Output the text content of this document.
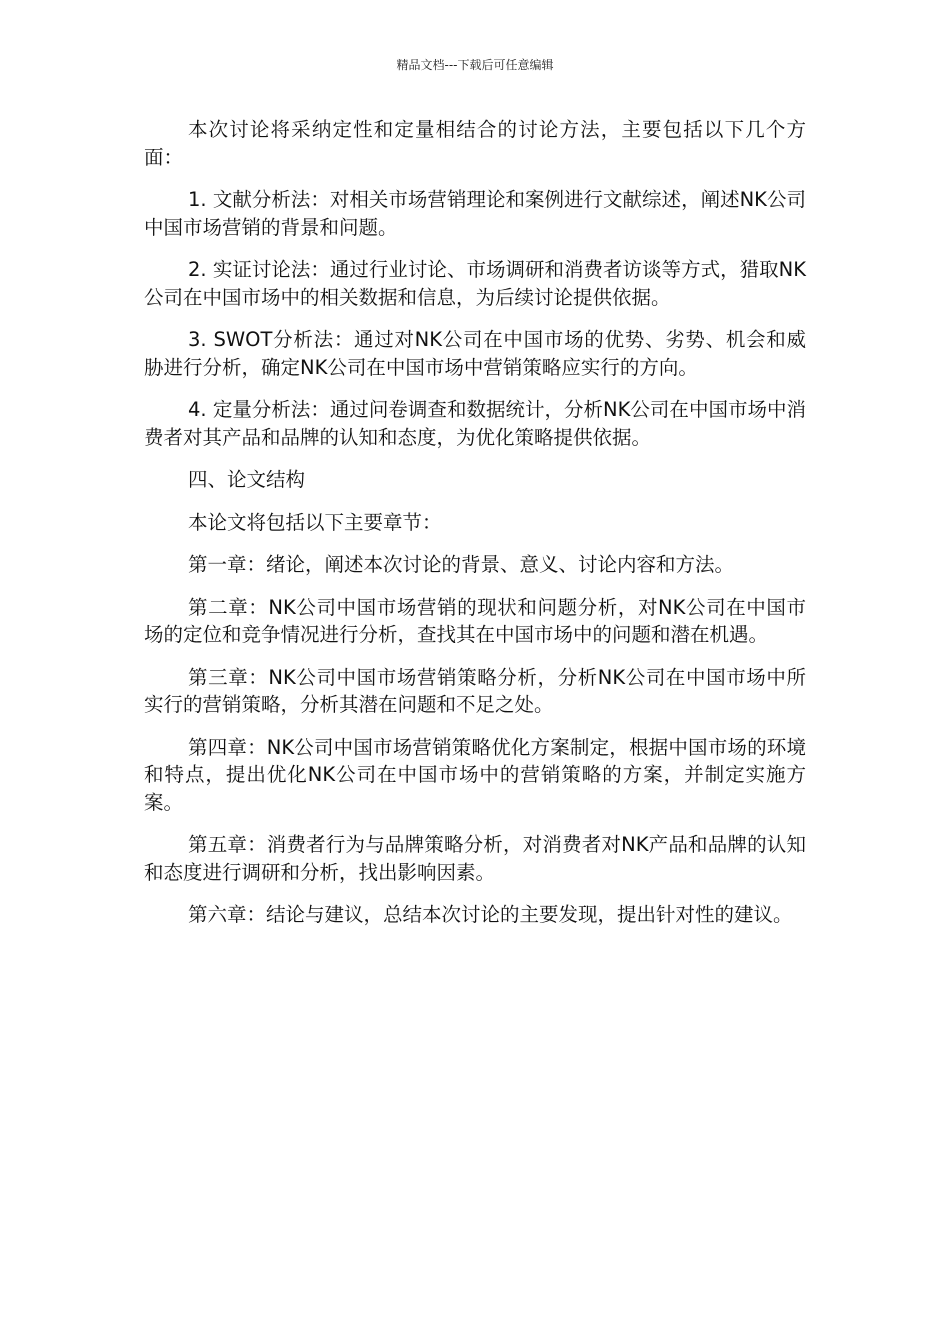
精品文档---下载后可任意编辑

本次讨论将采纳定性和定量相结合的讨论方法，主要包括以下几个方面：

1. 文献分析法：对相关市场营销理论和案例进行文献综述，阐述NK公司中国市场营销的背景和问题。

2. 实证讨论法：通过行业讨论、市场调研和消费者访谈等方式，猎取NK公司在中国市场中的相关数据和信息，为后续讨论提供依据。

3. SWOT分析法：通过对NK公司在中国市场的优势、劣势、机会和威胁进行分析，确定NK公司在中国市场中营销策略应实行的方向。

4. 定量分析法：通过问卷调查和数据统计，分析NK公司在中国市场中消费者对其产品和品牌的认知和态度，为优化策略提供依据。

四、论文结构

本论文将包括以下主要章节：

第一章：绪论，阐述本次讨论的背景、意义、讨论内容和方法。

第二章：NK公司中国市场营销的现状和问题分析，对NK公司在中国市场的定位和竞争情况进行分析，查找其在中国市场中的问题和潜在机遇。

第三章：NK公司中国市场营销策略分析，分析NK公司在中国市场中所实行的营销策略，分析其潜在问题和不足之处。

第四章：NK公司中国市场营销策略优化方案制定，根据中国市场的环境和特点，提出优化NK公司在中国市场中的营销策略的方案，并制定实施方案。

第五章：消费者行为与品牌策略分析，对消费者对NK产品和品牌的认知和态度进行调研和分析，找出影响因素。

第六章：结论与建议，总结本次讨论的主要发现，提出针对性的建议。
